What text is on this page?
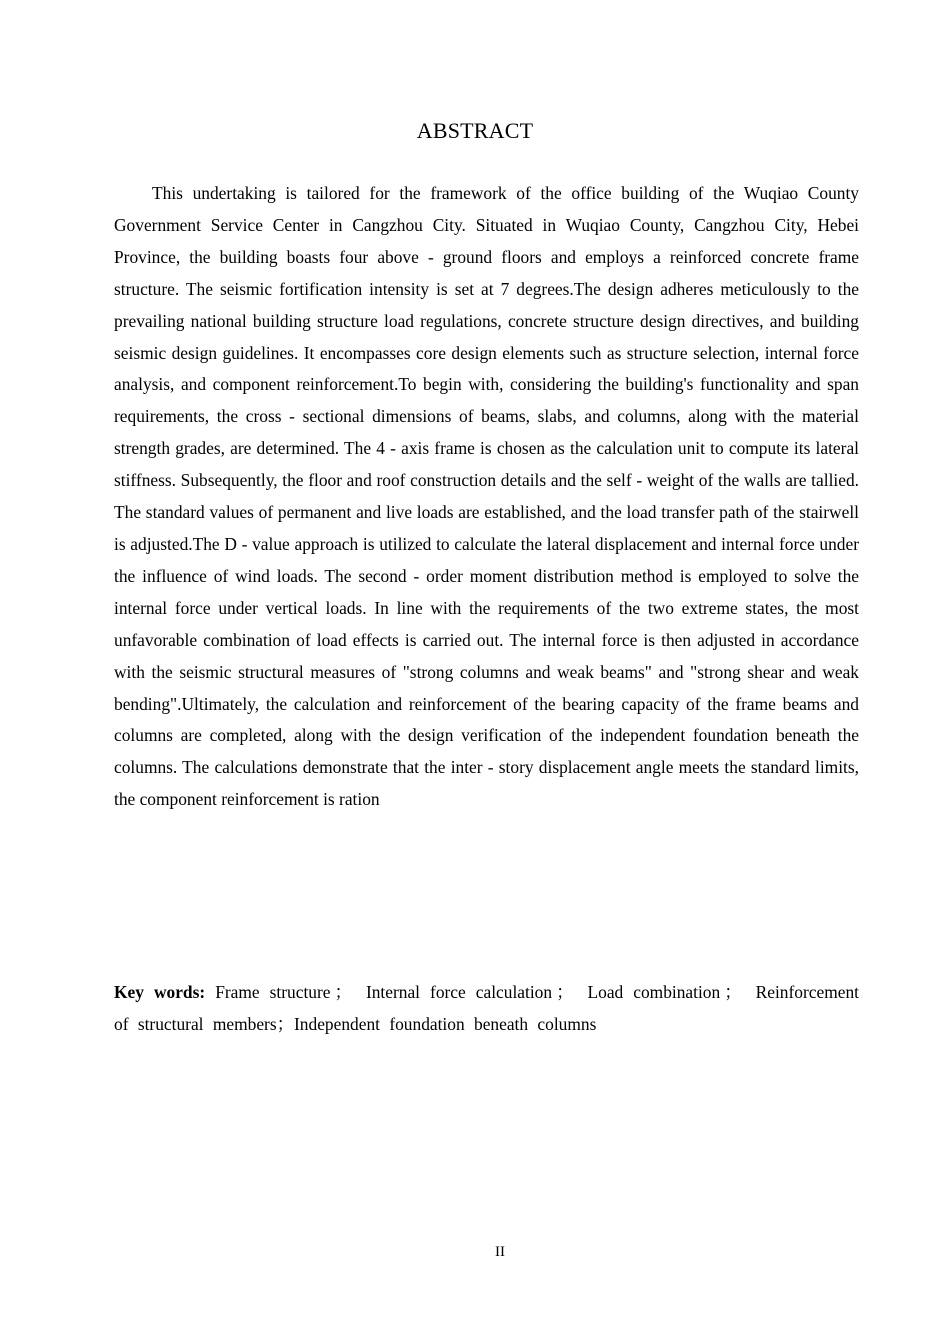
ABSTRACT

This undertaking is tailored for the framework of the office building of the Wuqiao County Government Service Center in Cangzhou City. Situated in Wuqiao County, Cangzhou City, Hebei Province, the building boasts four above - ground floors and employs a reinforced concrete frame structure. The seismic fortification intensity is set at 7 degrees.The design adheres meticulously to the prevailing national building structure load regulations, concrete structure design directives, and building seismic design guidelines. It encompasses core design elements such as structure selection, internal force analysis, and component reinforcement.To begin with, considering the building's functionality and span requirements, the cross - sectional dimensions of beams, slabs, and columns, along with the material strength grades, are determined. The 4 - axis frame is chosen as the calculation unit to compute its lateral stiffness. Subsequently, the floor and roof construction details and the self - weight of the walls are tallied. The standard values of permanent and live loads are established, and the load transfer path of the stairwell is adjusted.The D - value approach is utilized to calculate the lateral displacement and internal force under the influence of wind loads. The second - order moment distribution method is employed to solve the internal force under vertical loads. In line with the requirements of the two extreme states, the most unfavorable combination of load effects is carried out. The internal force is then adjusted in accordance with the seismic structural measures of "strong columns and weak beams" and "strong shear and weak bending".Ultimately, the calculation and reinforcement of the bearing capacity of the frame beams and columns are completed, along with the design verification of the independent foundation beneath the columns. The calculations demonstrate that the inter - story displacement angle meets the standard limits, the component reinforcement is ration

Key words: Frame structure ； Internal force calculation ； Load combination ； Reinforcement of structural members；Independent foundation beneath columns

II
